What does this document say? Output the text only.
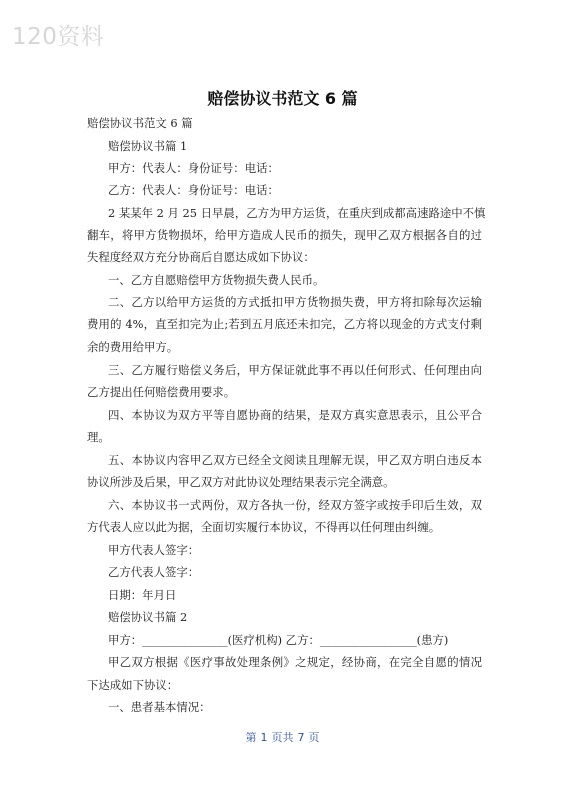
120资料
赔偿协议书范文 6 篇
赔偿协议书范文 6 篇
赔偿协议书篇 1
甲方：代表人：身份证号：电话：
乙方：代表人：身份证号：电话：
2 某某年 2 月 25 日早晨，乙方为甲方运货，在重庆到成都高速路途中不慎
翻车，将甲方货物损坏，给甲方造成人民币的损失，现甲乙双方根据各自的过
失程度经双方充分协商后自愿达成如下协议：
一、乙方自愿赔偿甲方货物损失费人民币。
二、乙方以给甲方运货的方式抵扣甲方货物损失费，甲方将扣除每次运输
费用的 4%，直至扣完为止;若到五月底还未扣完，乙方将以现金的方式支付剩
余的费用给甲方。
三、乙方履行赔偿义务后，甲方保证就此事不再以任何形式、任何理由向
乙方提出任何赔偿费用要求。
四、本协议为双方平等自愿协商的结果，是双方真实意思表示，且公平合
理。
五、本协议内容甲乙双方已经全文阅读且理解无误，甲乙双方明白违反本
协议所涉及后果，甲乙双方对此协议处理结果表示完全满意。
六、本协议书一式两份，双方各执一份，经双方签字或按手印后生效，双
方代表人应以此为据，全面切实履行本协议，不得再以任何理由纠缠。
甲方代表人签字：
乙方代表人签字：
日期：年月日
赔偿协议书篇 2
甲方：_______________(医疗机构) 乙方：_________________(患方)
甲乙双方根据《医疗事故处理条例》之规定，经协商，在完全自愿的情况
下达成如下协议：
一、患者基本情况：
第 1 页共 7 页
